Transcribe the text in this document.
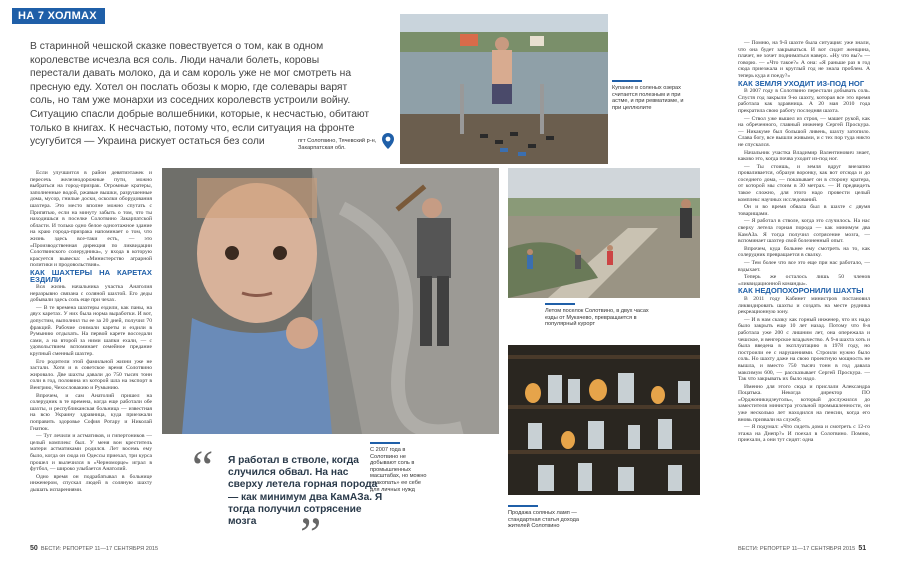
НА 7 ХОЛМАХ
В старинной чешской сказке повествуется о том, как в одном королевстве исчезла вся соль. Люди начали болеть, коровы перестали давать молоко, да и сам король уже не мог смотреть на пресную еду. Хотел он послать обозы к морю, где солевары варят соль, но там уже монархи из соседних королевств устроили войну. Ситуацию спасли добрые волшебники, которые, к несчастью, обитают только в книгах. К несчастью, потому что, если ситуация на фронте усугубится — Украина рискует остаться без соли
Купание в соленых озерах считается полезным и при астме, и при ревматизме, и при целлюлите
пгт Солотвино, Тячевский р-н, Закарпатская обл.

Если улучшится в район девятиэтажек и пересечь железнодорожные пути, можно выбраться на город-призрак. Огромные кратеры, заполненные водой, ржавые вышки, разрушенные дома, мусор, гнилые доски, осколки оборудования шахтера. Это место вполне можно спутать с Припятью, если на минуту забыть о том, что ты находишься в поселке Солотвино Закарпатской области. И только одно белое одноэтажное здание на краю города-призрака напоминает о том, что жизнь здесь все-таки есть, — это «Производственная дирекция по ликвидации Солотвинского солерудника», у входа в которую красуется вывеска: «Министерство аграрной политики и продовольствия».

КАК ШАХТЕРЫ НА КАРЕТАХ ЕЗДИЛИ

Вся жизнь начальника участка Анатолия неразрывно связана с соляной шахтой. Его деды добывали здесь соль еще при чехах.

— В те времена шахтеры ездили, как паны, на двух каретах. У них была норма выработки. И вот, допустим, выполнил ты ее за 20 дней, получил 70 фракций. Рабочие снимали кареты и ездили в Румынию отдыхать. На первой карете восседали сами, а на второй за ними шапки ехали, — с удовольствием вспоминает семейное предание крупный сменный шахтер.

Его родители этой фамильной жизни уже не застали. Хотя и в советское время Солотвино жировало. Две шахты давали до 750 тысяч тонн соли в год, половина из которой шла на экспорт в Венгрию, Чехословакию и Румынию.

Впрочем, и сам Анатолий пришел на солерудник в те времена, когда еще работали обе шахты, и республиканская больница — известная на всю Украину здравница, куда приезжали поправить здоровье София Ротару и Николай Гнатюк.

— Тут лечили и астматиков, и гипертоников — целый комплекс был. У меня вон креститель матери астматиками родился. Лет восемь ему было, когда он сюда из Одессы приехал, три курса прошел и вылечился в «Черноморце» играл в футбол, — широко улыбается Анатолий.

Одно время он подрабатывал в больнице инженером, спускал людей в соляную шахту дышать испарениями.

Летом поселок Солотвино, в двух часах езды от Мукачево, превращается в популярный курорт
Продажа соляных ламп — стандартная статья дохода жителей Солотвино
С 2007 года в Солотвино не добывают соль в промышленных масштабах, но можно «накопать» ее себе для личных нужд
“ Я работал в стволе, когда случился обвал. На нас сверху летела горная порода — как минимум два КамАЗа. Я тогда получил сотрясение мозга ”

— Помню, на 9-й шахте была ситуация: уже знали, что она будет закрываться. И вот сидит женщина, плачет, не хочет подниматься наверх. «Ну что вы?» — говорю. — «Что такое?» А она: «Я раньше раз в год сюда приезжала и круглый год не знала проблем. А теперь куда я поеду?»

КАК ЗЕМЛЯ УХОДИТ ИЗ-ПОД НОГ

В 2007 году в Солотвино перестали добывать соль. Спустя год закрыли 9-ю шахту, которая все это время работала как здравница. А 20 мая 2010 года прекратила свою работу последняя шахта.

— Ствол уже вышел из строя, — машет рукой, как на обреченного, главный инженер Сергей Проскура. — Никакуме был большой ливень, шахту затопило. Слава богу, все вышли живыми, и с тех пор туда никто не спускался.

Начальник участка Владимир Валентинович знает, каково это, когда почва уходит из-под ног.

— Ты стоишь, и земля вдруг внезапно проваливается, образуя воронку, как вот отсюда и до соседнего дома, — показывает он в сторону кратера, от которой мы стоим в 30 метрах. — И предвидеть такое сложно, для этого надо провести целый комплекс научных исследований.

Он и во время обвала был в шахте с двумя товарищами.

— Я работал в стволе, когда это случилось. На нас сверху летела горная порода — как минимум два КамАЗа. Я тогда получил сотрясение мозга, — вспоминает шахтер свой болезненный опыт.

Впрочем, куда больнее ему смотреть на то, как солерудник превращается в свалку.

— Тем более что все это еще при нас работало, — вздыхает.

Теперь же осталось лишь 50 членов «ликвидационной команды».

КАК НЕДОПОХОРОНИЛИ ШАХТЫ

В 2011 году Кабинет министров постановил ликвидировать шахты и создать на месте рудника рекреационную зону.

— И в нам сказку как горный инженер, что их надо было закрыть еще 10 лет назад. Потому что 8-я работала уже 200 с лишним лет, она опережала и чешское, и венгерское владычество. А 9-я шахта хоть и была введена в эксплуатацию в 1978 году, но построили ее с нарушениями. Строили нужно было соль. Но шахту даже на свою проектную мощность не вышла, и вместо 750 тысяч тонн в год давала максимум 600, — рассказывает Сергей Проскура. — Так что закрывать их было надо.

Именно для этого сюда и прислали Александра Поцатька. Некогда директор ПО «Орджоникидзеуголь», который дослужился до заместителя министра угольной промышленности, он уже несколько лет находился на пенсии, когда его вновь призвали на службу.

— Я подумал: «Что сидеть дома и смотреть с 12-го этажа на Днепр?» И поехал в Солотвино. Помню, приехали, а они тут сидят: одна

50 ВЕСТИ: РЕПОРТЕР 11—17 СЕНТЯБРЯ 2015	ВЕСТИ: РЕПОРТЕР 11—17 СЕНТЯБРЯ 2015 51
